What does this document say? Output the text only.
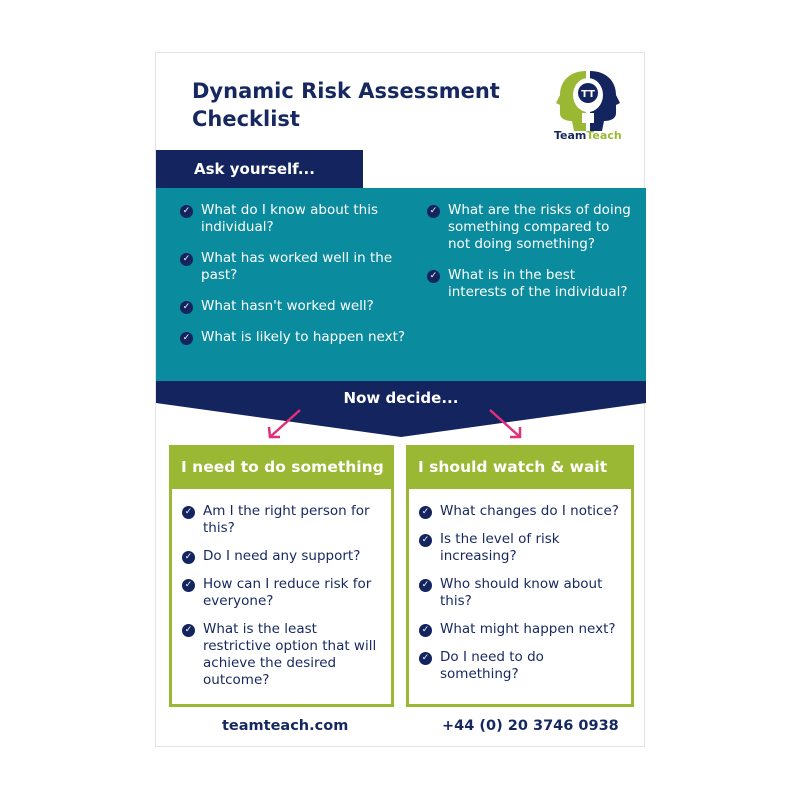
Dynamic Risk Assessment
Checklist
TT
TeamTeach
Ask yourself...
✓ What do I know about this individual?
✓ What has worked well in the past?
✓ What hasn't worked well?
✓ What is likely to happen next?
✓ What are the risks of doing something compared to not doing something?
✓ What is in the best interests of the individual?
Now decide...
I need to do something
✓ Am I the right person for this?
✓ Do I need any support?
✓ How can I reduce risk for everyone?
✓ What is the least restrictive option that will achieve the desired outcome?
I should watch & wait
✓ What changes do I notice?
✓ Is the level of risk increasing?
✓ Who should know about this?
✓ What might happen next?
✓ Do I need to do something?
teamteach.com	+44 (0) 20 3746 0938
